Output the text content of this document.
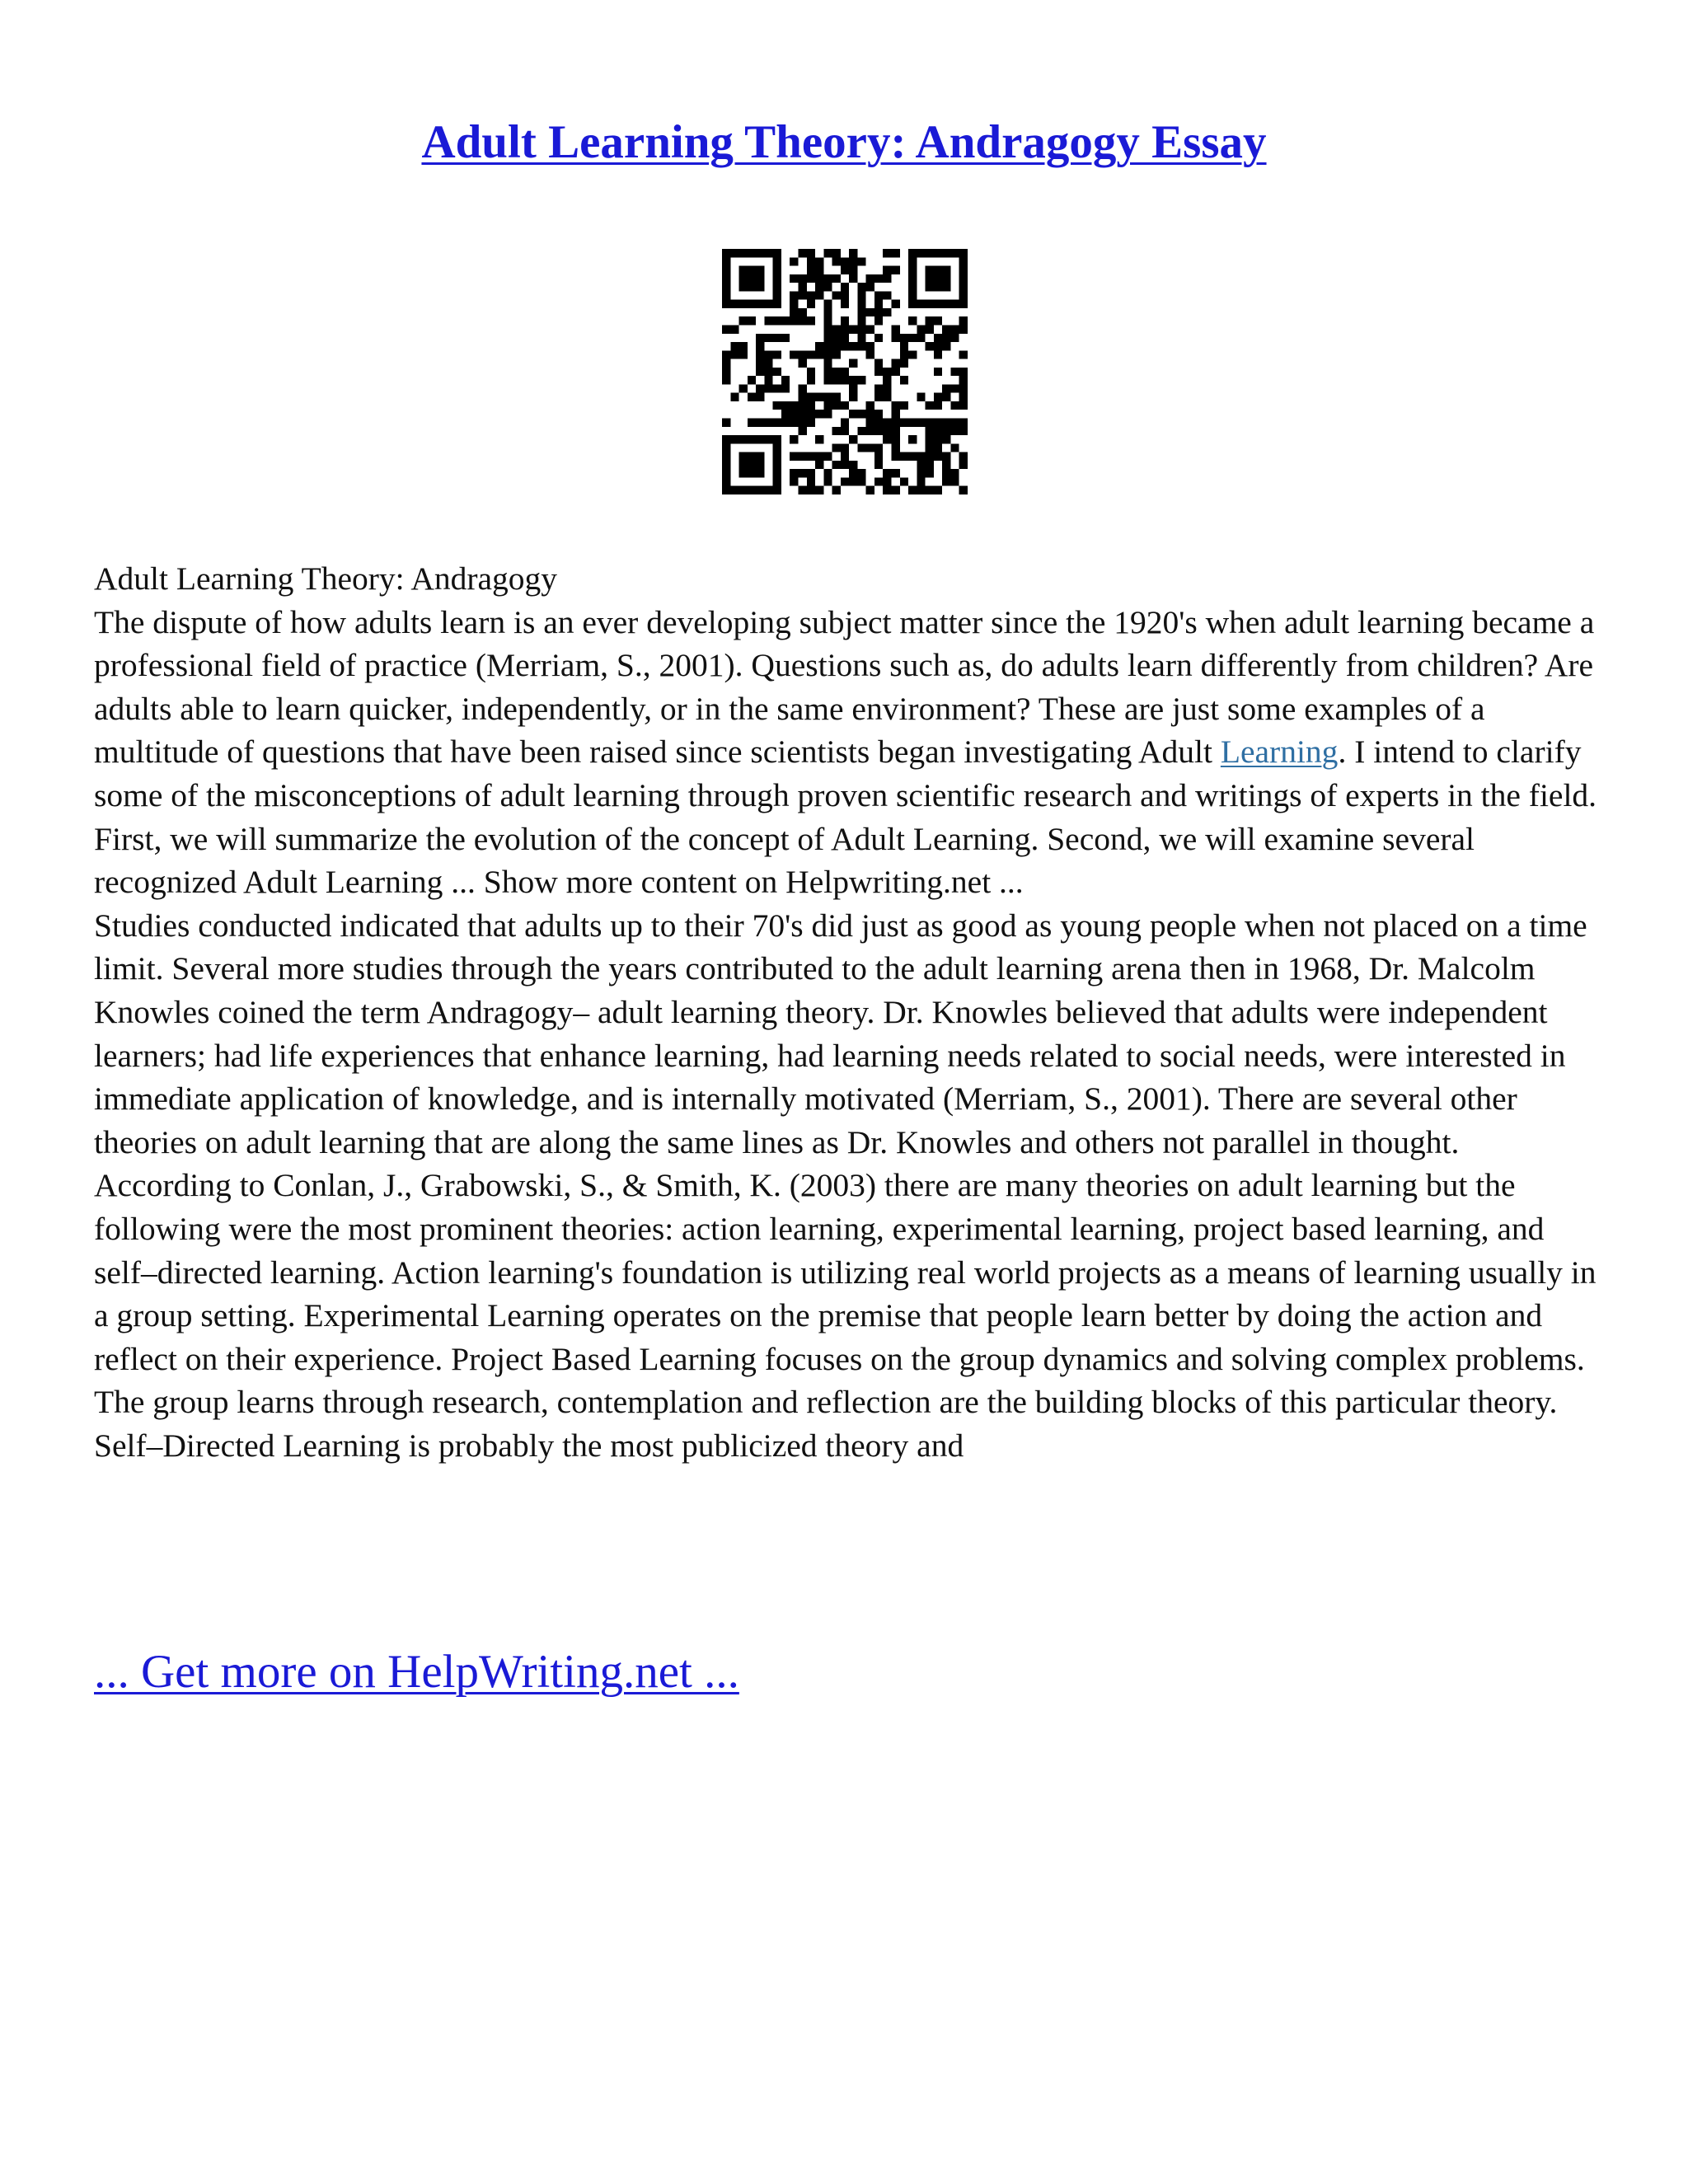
Adult Learning Theory: Andragogy Essay

Adult Learning Theory: Andragogy

The dispute of how adults learn is an ever developing subject matter since the 1920's when adult learning became a professional field of practice (Merriam, S., 2001). Questions such as, do adults learn differently from children? Are adults able to learn quicker, independently, or in the same environment? These are just some examples of a multitude of questions that have been raised since scientists began investigating Adult Learning. I intend to clarify some of the misconceptions of adult learning through proven scientific research and writings of experts in the field. First, we will summarize the evolution of the concept of Adult Learning. Second, we will examine several recognized Adult Learning ... Show more content on Helpwriting.net ...

Studies conducted indicated that adults up to their 70's did just as good as young people when not placed on a time limit. Several more studies through the years contributed to the adult learning arena then in 1968, Dr. Malcolm Knowles coined the term Andragogy– adult learning theory. Dr. Knowles believed that adults were independent learners; had life experiences that enhance learning, had learning needs related to social needs, were interested in immediate application of knowledge, and is internally motivated (Merriam, S., 2001). There are several other theories on adult learning that are along the same lines as Dr. Knowles and others not parallel in thought.

According to Conlan, J., Grabowski, S., & Smith, K. (2003) there are many theories on adult learning but the following were the most prominent theories: action learning, experimental learning, project based learning, and self–directed learning. Action learning's foundation is utilizing real world projects as a means of learning usually in a group setting. Experimental Learning operates on the premise that people learn better by doing the action and reflect on their experience. Project Based Learning focuses on the group dynamics and solving complex problems. The group learns through research, contemplation and reflection are the building blocks of this particular theory. Self–Directed Learning is probably the most publicized theory and

... Get more on HelpWriting.net ...
